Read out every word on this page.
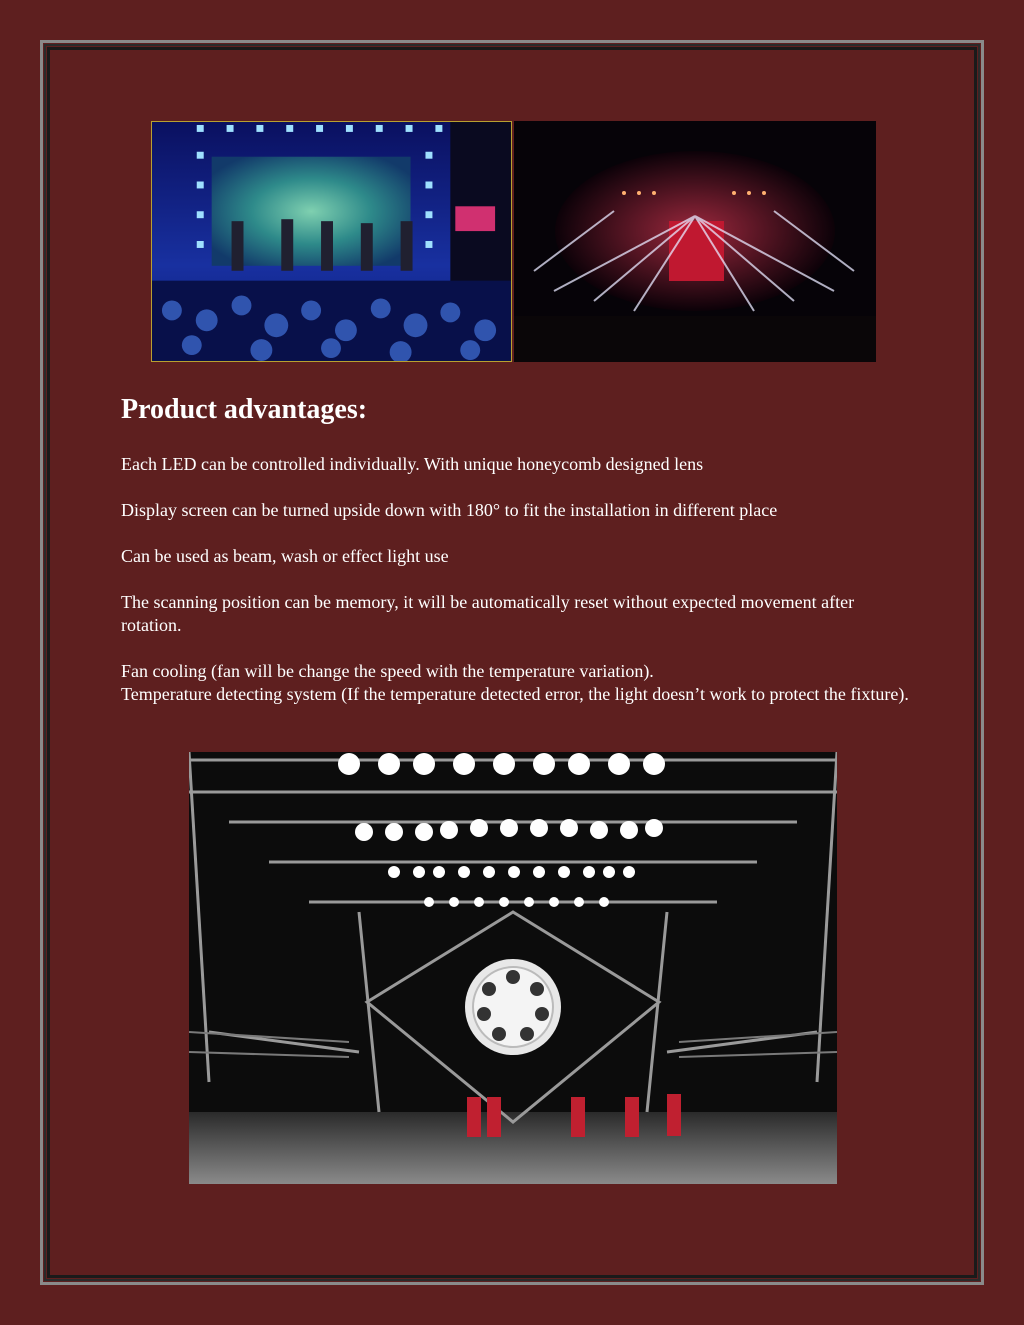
Product advantages:

Each LED can be controlled individually. With unique honeycomb designed lens

Display screen can be turned upside down with 180° to fit the installation in different place

Can be used as beam, wash or effect light use

The scanning position can be memory, it will be automatically reset without expected movement after rotation.

Fan cooling (fan will be change the speed with the temperature variation).

Temperature detecting system (If the temperature detected error, the light doesn’t work to protect the fixture).
